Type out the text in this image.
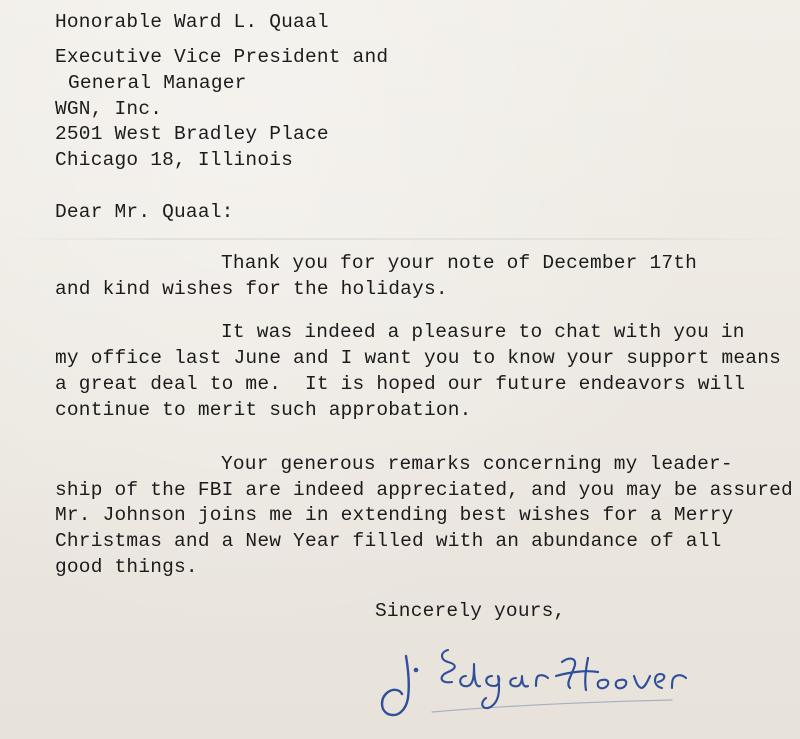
Honorable Ward L. Quaal
Executive Vice President and
General Manager
WGN, Inc.
2501 West Bradley Place
Chicago 18, Illinois
Dear Mr. Quaal:
Thank you for your note of December 17th
and kind wishes for the holidays.
It was indeed a pleasure to chat with you in
my office last June and I want you to know your support means
a great deal to me.  It is hoped our future endeavors will
continue to merit such approbation.
Your generous remarks concerning my leader-
ship of the FBI are indeed appreciated, and you may be assured
Mr. Johnson joins me in extending best wishes for a Merry
Christmas and a New Year filled with an abundance of all
good things.
Sincerely yours,
